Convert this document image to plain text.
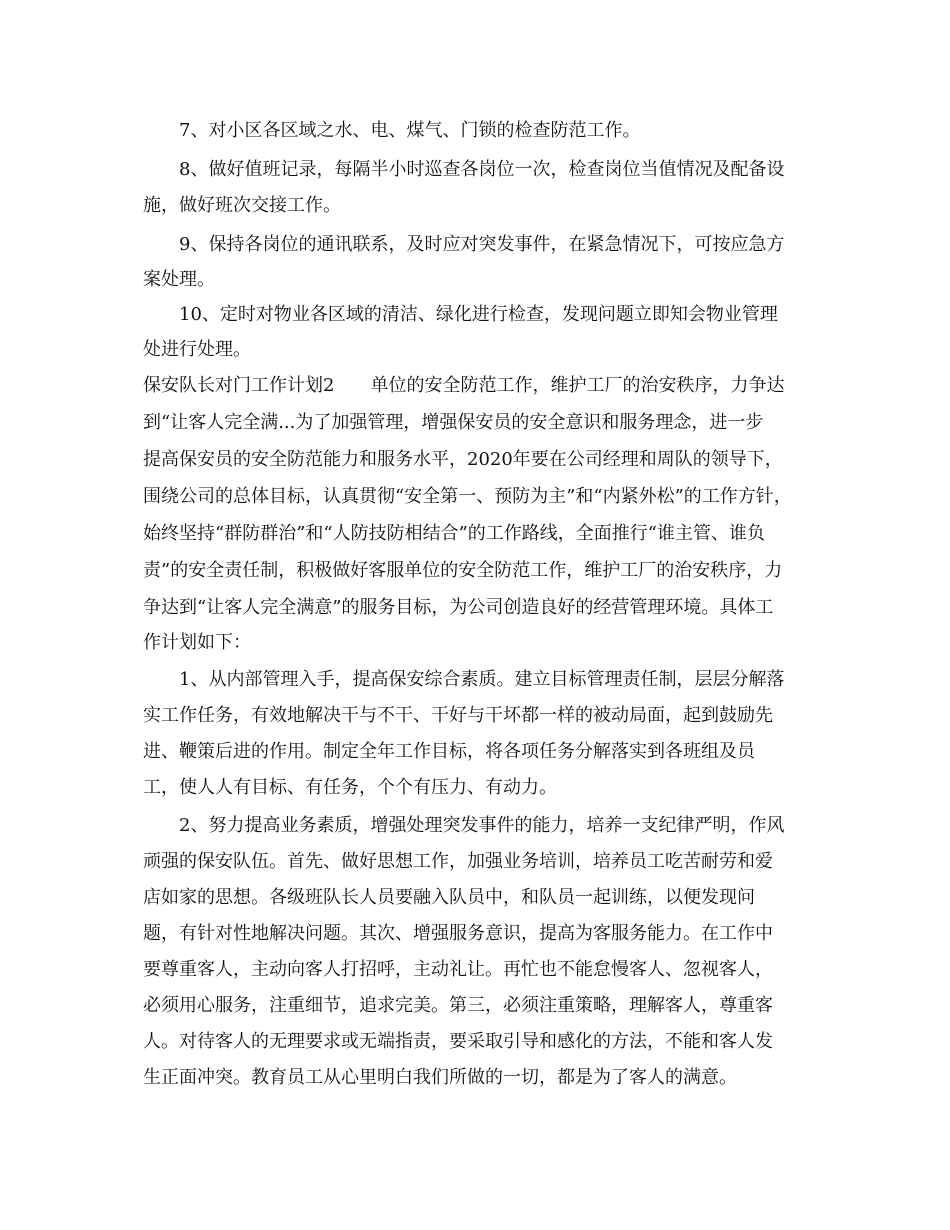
7、对小区各区域之水、电、煤气、门锁的检查防范工作。
8、做好值班记录，每隔半小时巡查各岗位一次，检查岗位当值情况及配备设
施，做好班次交接工作。
9、保持各岗位的通讯联系，及时应对突发事件，在紧急情况下，可按应急方
案处理。
10、定时对物业各区域的清洁、绿化进行检查，发现问题立即知会物业管理
处进行处理。
保安队长对门工作计划2　　单位的安全防范工作，维护工厂的治安秩序，力争达
到“让客人完全满...为了加强管理，增强保安员的安全意识和服务理念，进一步
提高保安员的安全防范能力和服务水平，2020年要在公司经理和周队的领导下，
围绕公司的总体目标，认真贯彻“安全第一、预防为主”和“内紧外松”的工作方针，
始终坚持“群防群治”和“人防技防相结合”的工作路线，全面推行“谁主管、谁负
责”的安全责任制，积极做好客服单位的安全防范工作，维护工厂的治安秩序，力
争达到“让客人完全满意”的服务目标，为公司创造良好的经营管理环境。具体工
作计划如下：
1、从内部管理入手，提高保安综合素质。建立目标管理责任制，层层分解落
实工作任务，有效地解决干与不干、干好与干坏都一样的被动局面，起到鼓励先
进、鞭策后进的作用。制定全年工作目标，将各项任务分解落实到各班组及员
工，使人人有目标、有任务，个个有压力、有动力。
2、努力提高业务素质，增强处理突发事件的能力，培养一支纪律严明，作风
顽强的保安队伍。首先、做好思想工作，加强业务培训，培养员工吃苦耐劳和爱
店如家的思想。各级班队长人员要融入队员中，和队员一起训练，以便发现问
题，有针对性地解决问题。其次、增强服务意识，提高为客服务能力。在工作中
要尊重客人，主动向客人打招呼，主动礼让。再忙也不能怠慢客人、忽视客人，
必须用心服务，注重细节，追求完美。第三，必须注重策略，理解客人，尊重客
人。对待客人的无理要求或无端指责，要采取引导和感化的方法，不能和客人发
生正面冲突。教育员工从心里明白我们所做的一切，都是为了客人的满意。
